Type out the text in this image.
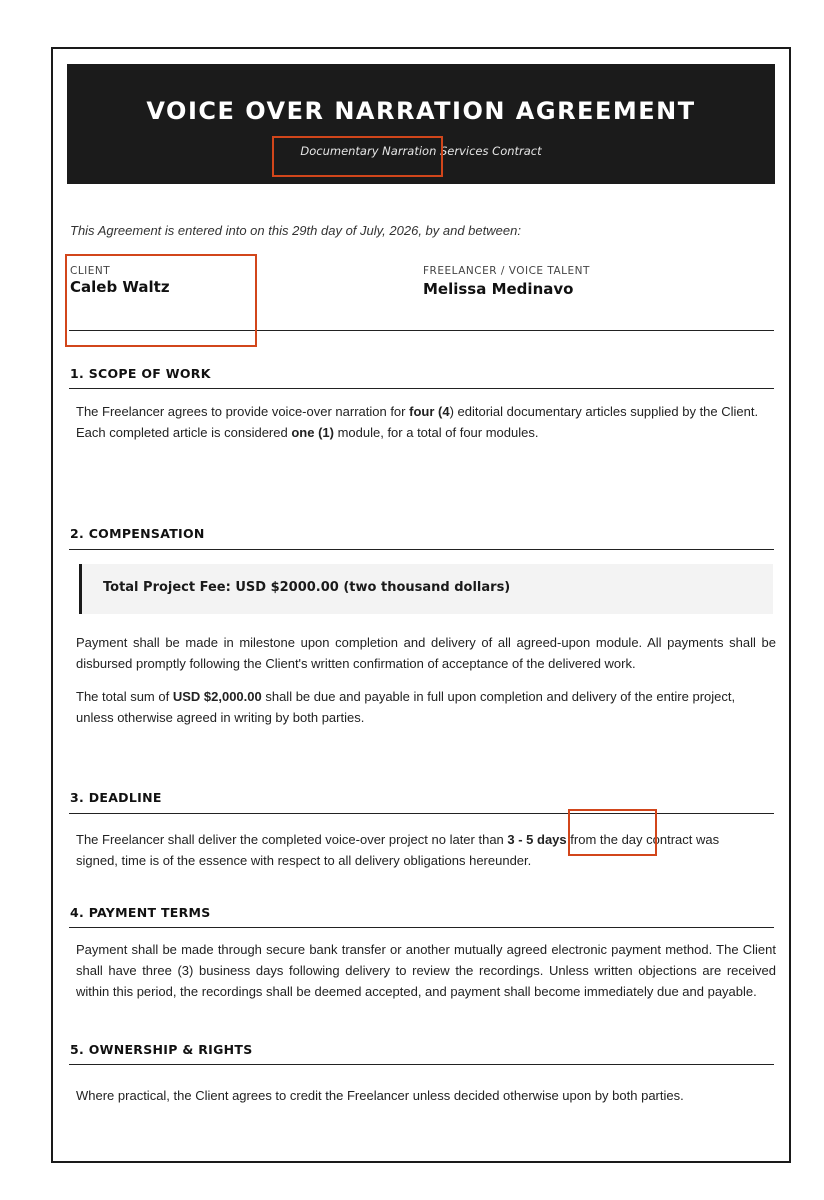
VOICE OVER NARRATION AGREEMENT
Documentary Narration Services Contract
This Agreement is entered into on this 29th day of July, 2026, by and between:
CLIENT
Caleb Waltz
FREELANCER / VOICE TALENT
Melissa Medinavo
1. SCOPE OF WORK
The Freelancer agrees to provide voice-over narration for four (4) editorial documentary articles supplied by the Client.
Each completed article is considered one (1) module, for a total of four modules.
2. COMPENSATION
Total Project Fee: USD $2000.00 (two thousand dollars)
Payment shall be made in milestone upon completion and delivery of all agreed-upon module. All payments shall be disbursed promptly following the Client's written confirmation of acceptance of the delivered work.
The total sum of USD $2,000.00 shall be due and payable in full upon completion and delivery of the entire project, unless otherwise agreed in writing by both parties.
3. DEADLINE
The Freelancer shall deliver the completed voice-over project no later than 3 - 5 days from the day contract was signed, time is of the essence with respect to all delivery obligations hereunder.
4. PAYMENT TERMS
Payment shall be made through secure bank transfer or another mutually agreed electronic payment method. The Client shall have three (3) business days following delivery to review the recordings. Unless written objections are received within this period, the recordings shall be deemed accepted, and payment shall become immediately due and payable.
5. OWNERSHIP & RIGHTS
Where practical, the Client agrees to credit the Freelancer unless decided otherwise upon by both parties.
